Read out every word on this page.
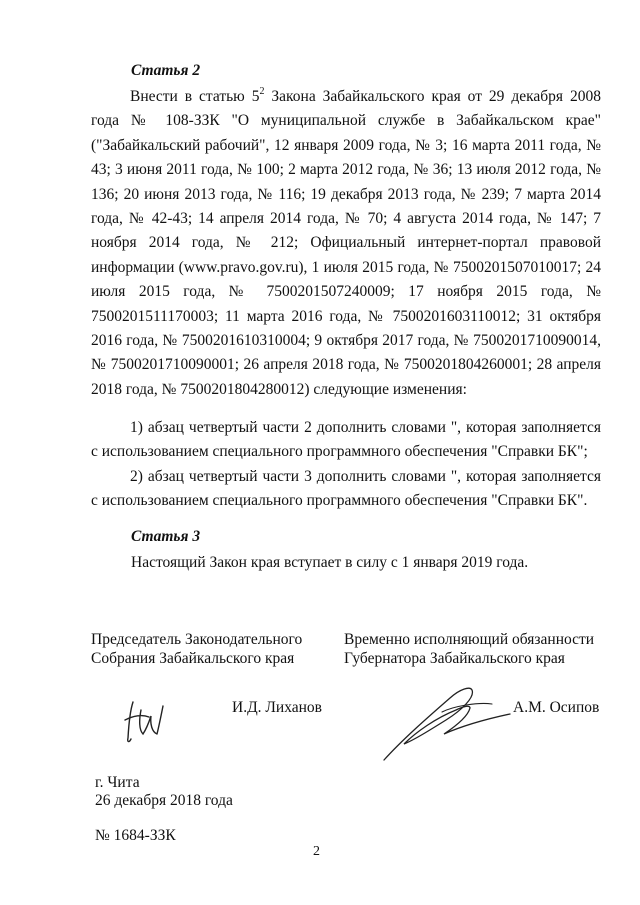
Статья 2

Внести в статью $5^2$ Закона Забайкальского края от 29 декабря 2008 года № 108-ЗЗК "О муниципальной службе в Забайкальском крае" ("Забайкальский рабочий", 12 января 2009 года, № 3; 16 марта 2011 года, № 43; 3 июня 2011 года, № 100; 2 марта 2012 года, № 36; 13 июля 2012 года, № 136; 20 июня 2013 года, № 116; 19 декабря 2013 года, № 239; 7 марта 2014 года, № 42-43; 14 апреля 2014 года, № 70; 4 августа 2014 года, № 147; 7 ноября 2014 года, № 212; Официальный интернет-портал правовой информации (www.pravo.gov.ru), 1 июля 2015 года, № 7500201507010017; 24 июля 2015 года, № 7500201507240009; 17 ноября 2015 года, № 7500201511170003; 11 марта 2016 года, № 7500201603110012; 31 октября 2016 года, № 7500201610310004; 9 октября 2017 года, № 7500201710090014, № 7500201710090001; 26 апреля 2018 года, № 7500201804260001; 28 апреля 2018 года, № 7500201804280012) следующие изменения:

1) абзац четвертый части 2 дополнить словами ", которая заполняется с использованием специального программного обеспечения "Справки БК";

2) абзац четвертый части 3 дополнить словами ", которая заполняется с использованием специального программного обеспечения "Справки БК".

Статья 3
Настоящий Закон края вступает в силу с 1 января 2019 года.
Председатель Законодательного
Собрания Забайкальского края
Временно исполняющий обязанности
Губернатора Забайкальского края
И.Д. Лиханов	А.М. Осипов
г. Чита
26 декабря 2018 года
№ 1684-ЗЗК
2
